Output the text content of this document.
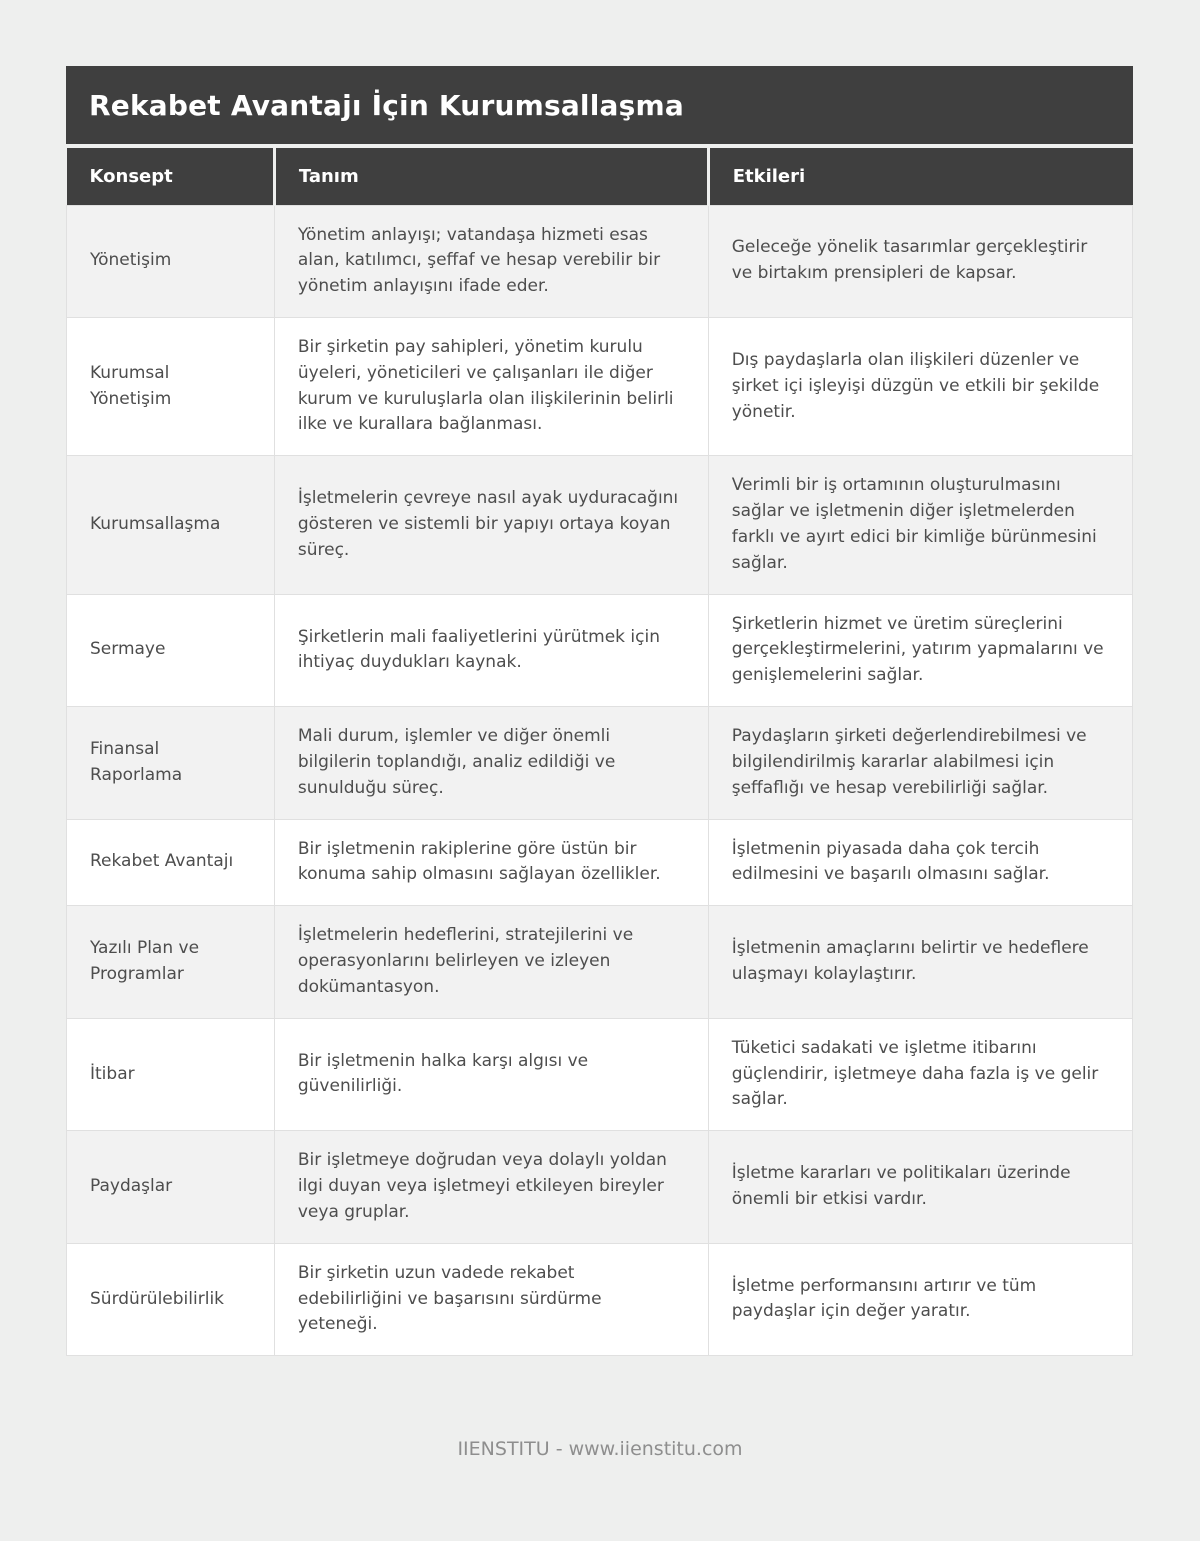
Rekabet Avantajı İçin Kurumsallaşma
Konsept	Tanım	Etkileri
Yönetişim	Yönetim anlayışı; vatandaşa hizmeti esas alan, katılımcı, şeffaf ve hesap verebilir bir yönetim anlayışını ifade eder.	Geleceğe yönelik tasarımlar gerçekleştirir ve birtakım prensipleri de kapsar.
Kurumsal Yönetişim	Bir şirketin pay sahipleri, yönetim kurulu üyeleri, yöneticileri ve çalışanları ile diğer kurum ve kuruluşlarla olan ilişkilerinin belirli ilke ve kurallara bağlanması.	Dış paydaşlarla olan ilişkileri düzenler ve şirket içi işleyişi düzgün ve etkili bir şekilde yönetir.
Kurumsallaşma	İşletmelerin çevreye nasıl ayak uyduracağını gösteren ve sistemli bir yapıyı ortaya koyan süreç.	Verimli bir iş ortamının oluşturulmasını sağlar ve işletmenin diğer işletmelerden farklı ve ayırt edici bir kimliğe bürünmesini sağlar.
Sermaye	Şirketlerin mali faaliyetlerini yürütmek için ihtiyaç duydukları kaynak.	Şirketlerin hizmet ve üretim süreçlerini gerçekleştirmelerini, yatırım yapmalarını ve genişlemelerini sağlar.
Finansal Raporlama	Mali durum, işlemler ve diğer önemli bilgilerin toplandığı, analiz edildiği ve sunulduğu süreç.	Paydaşların şirketi değerlendirebilmesi ve bilgilendirilmiş kararlar alabilmesi için şeffaflığı ve hesap verebilirliği sağlar.
Rekabet Avantajı	Bir işletmenin rakiplerine göre üstün bir konuma sahip olmasını sağlayan özellikler.	İşletmenin piyasada daha çok tercih edilmesini ve başarılı olmasını sağlar.
Yazılı Plan ve Programlar	İşletmelerin hedeflerini, stratejilerini ve operasyonlarını belirleyen ve izleyen dokümantasyon.	İşletmenin amaçlarını belirtir ve hedeflere ulaşmayı kolaylaştırır.
İtibar	Bir işletmenin halka karşı algısı ve güvenilirliği.	Tüketici sadakati ve işletme itibarını güçlendirir, işletmeye daha fazla iş ve gelir sağlar.
Paydaşlar	Bir işletmeye doğrudan veya dolaylı yoldan ilgi duyan veya işletmeyi etkileyen bireyler veya gruplar.	İşletme kararları ve politikaları üzerinde önemli bir etkisi vardır.
Sürdürülebilirlik	Bir şirketin uzun vadede rekabet edebilirliğini ve başarısını sürdürme yeteneği.	İşletme performansını artırır ve tüm paydaşlar için değer yaratır.
IIENSTITU - www.iienstitu.com
